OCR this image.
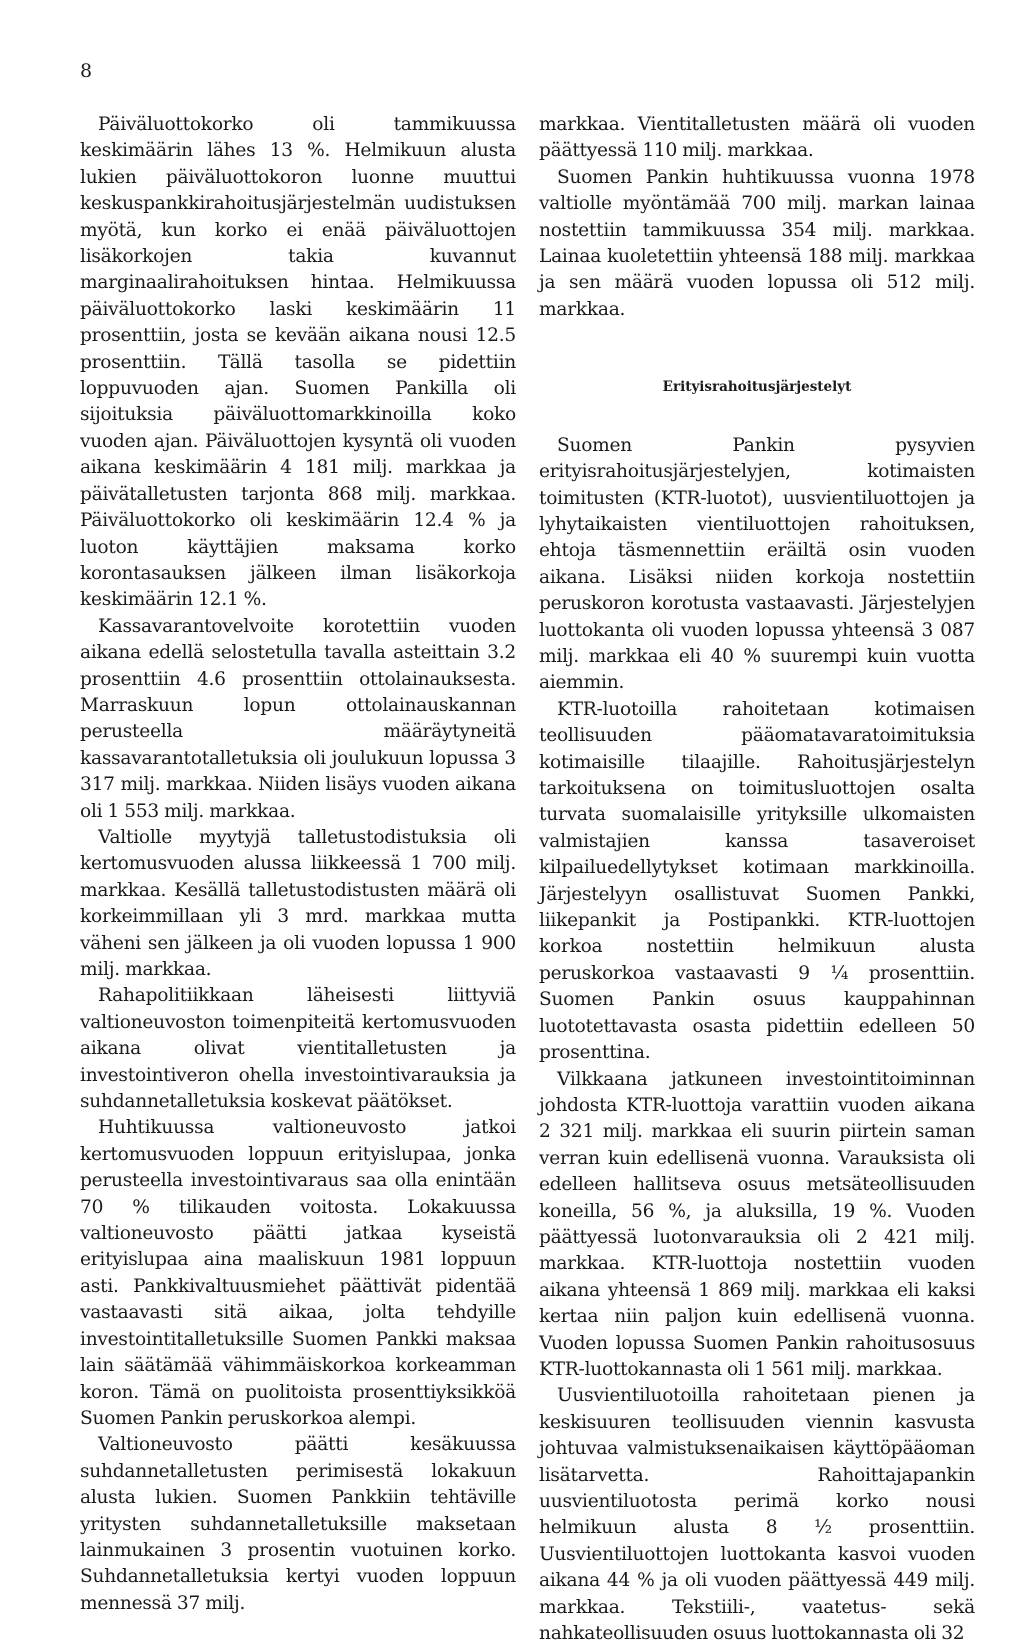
8

Päiväluottokorko oli tammikuussa keskimäärin lähes 13 %. Helmikuun alusta lukien päiväluottokoron luonne muuttui keskuspankkirahoitusjärjestelmän uudistuksen myötä, kun korko ei enää päiväluottojen lisäkorkojen takia kuvannut marginaalirahoituksen hintaa. Helmikuussa päiväluottokorko laski keskimäärin 11 prosenttiin, josta se kevään aikana nousi 12.5 prosenttiin. Tällä tasolla se pidettiin loppuvuoden ajan. Suomen Pankilla oli sijoituksia päiväluottomarkkinoilla koko vuoden ajan. Päiväluottojen kysyntä oli vuoden aikana keskimäärin 4 181 milj. markkaa ja päivätalletusten tarjonta 868 milj. markkaa. Päiväluottokorko oli keskimäärin 12.4 % ja luoton käyttäjien maksama korko korontasauksen jälkeen ilman lisäkorkoja keskimäärin 12.1 %.

Kassavarantovelvoite korotettiin vuoden aikana edellä selostetulla tavalla asteittain 3.2 prosenttiin 4.6 prosenttiin ottolainauksesta. Marraskuun lopun ottolainauskannan perusteella määräytyneitä kassavarantotalletuksia oli joulukuun lopussa 3 317 milj. markkaa. Niiden lisäys vuoden aikana oli 1 553 milj. markkaa.

Valtiolle myytyjä talletustodistuksia oli kertomusvuoden alussa liikkeessä 1 700 milj. markkaa. Kesällä talletustodistusten määrä oli korkeimmillaan yli 3 mrd. markkaa mutta väheni sen jälkeen ja oli vuoden lopussa 1 900 milj. markkaa.

Rahapolitiikkaan läheisesti liittyviä valtioneuvoston toimenpiteitä kertomusvuoden aikana olivat vientitalletusten ja investointiveron ohella investointivarauksia ja suhdannetalletuksia koskevat päätökset.

Huhtikuussa valtioneuvosto jatkoi kertomusvuoden loppuun erityislupaa, jonka perusteella investointivaraus saa olla enintään 70 % tilikauden voitosta. Lokakuussa valtioneuvosto päätti jatkaa kyseistä erityislupaa aina maaliskuun 1981 loppuun asti. Pankkivaltuusmiehet päättivät pidentää vastaavasti sitä aikaa, jolta tehdyille investointitalletuksille Suomen Pankki maksaa lain säätämää vähimmäiskorkoa korkeamman koron. Tämä on puolitoista prosenttiyksikköä Suomen Pankin peruskorkoa alempi.

Valtioneuvosto päätti kesäkuussa suhdannetalletusten perimisestä lokakuun alusta lukien. Suomen Pankkiin tehtäville yritysten suhdannetalletuksille maksetaan lainmukainen 3 prosentin vuotuinen korko. Suhdannetalletuksia kertyi vuoden loppuun mennessä 37 milj.

markkaa. Vientitalletusten määrä oli vuoden päättyessä 110 milj. markkaa.

Suomen Pankin huhtikuussa vuonna 1978 valtiolle myöntämää 700 milj. markan lainaa nostettiin tammikuussa 354 milj. markkaa. Lainaa kuoletettiin yhteensä 188 milj. markkaa ja sen määrä vuoden lopussa oli 512 milj. markkaa.

Erityisrahoitusjärjestelyt

Suomen Pankin pysyvien erityisrahoitusjärjestelyjen, kotimaisten toimitusten (KTR-luotot), uusvientiluottojen ja lyhytaikaisten vientiluottojen rahoituksen, ehtoja täsmennettiin eräiltä osin vuoden aikana. Lisäksi niiden korkoja nostettiin peruskoron korotusta vastaavasti. Järjestelyjen luottokanta oli vuoden lopussa yhteensä 3 087 milj. markkaa eli 40 % suurempi kuin vuotta aiemmin.

KTR-luotoilla rahoitetaan kotimaisen teollisuuden pääomatavaratoimituksia kotimaisille tilaajille. Rahoitusjärjestelyn tarkoituksena on toimitusluottojen osalta turvata suomalaisille yrityksille ulkomaisten valmistajien kanssa tasaveroiset kilpailuedellytykset kotimaan markkinoilla. Järjestelyyn osallistuvat Suomen Pankki, liikepankit ja Postipankki. KTR-luottojen korkoa nostettiin helmikuun alusta peruskorkoa vastaavasti 9 ¼ prosenttiin. Suomen Pankin osuus kauppahinnan luototettavasta osasta pidettiin edelleen 50 prosenttina.

Vilkkaana jatkuneen investointitoiminnan johdosta KTR-luottoja varattiin vuoden aikana 2 321 milj. markkaa eli suurin piirtein saman verran kuin edellisenä vuonna. Varauksista oli edelleen hallitseva osuus metsäteollisuuden koneilla, 56 %, ja aluksilla, 19 %. Vuoden päättyessä luotonvarauksia oli 2 421 milj. markkaa. KTR-luottoja nostettiin vuoden aikana yhteensä 1 869 milj. markkaa eli kaksi kertaa niin paljon kuin edellisenä vuonna. Vuoden lopussa Suomen Pankin rahoitusosuus KTR-luottokannasta oli 1 561 milj. markkaa.

Uusvientiluotoilla rahoitetaan pienen ja keskisuuren teollisuuden viennin kasvusta johtuvaa valmistuksenaikaisen käyttöpääoman lisätarvetta. Rahoittajapankin uusvientiluotosta perimä korko nousi helmikuun alusta 8 ½ prosenttiin. Uusvientiluottojen luottokanta kasvoi vuoden aikana 44 % ja oli vuoden päättyessä 449 milj. markkaa. Tekstiili-, vaatetus- sekä nahkateollisuuden osuus luottokannasta oli 32
